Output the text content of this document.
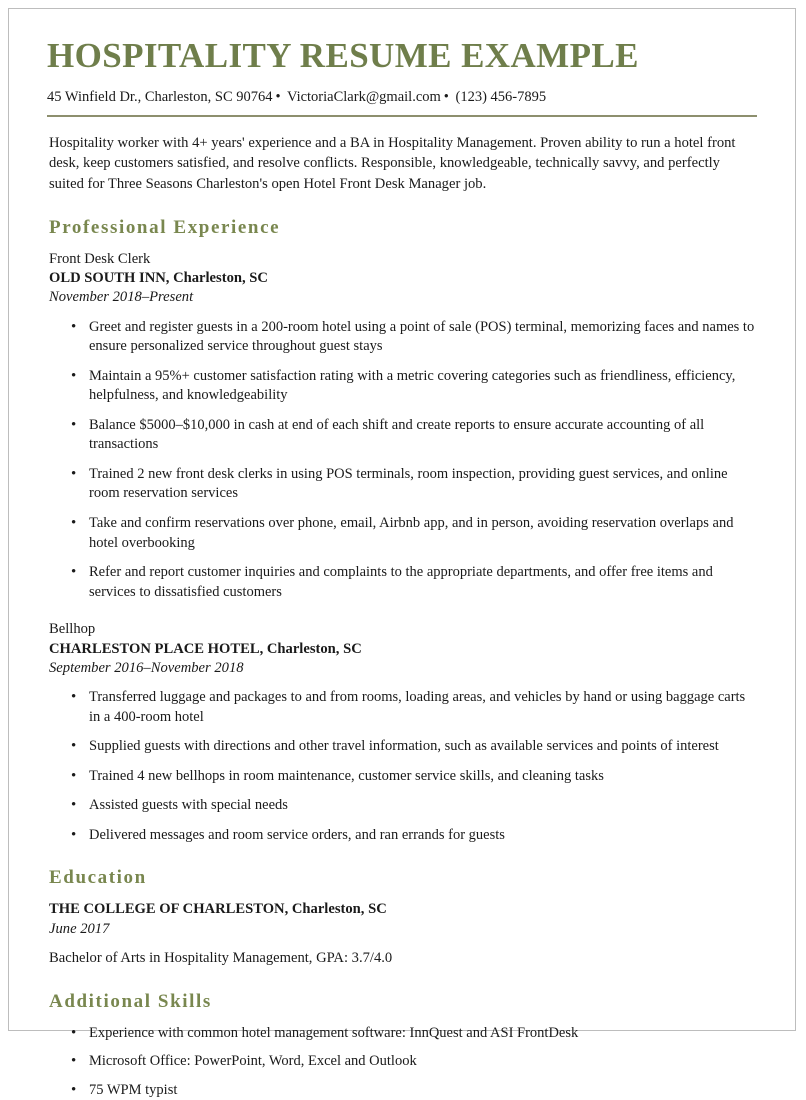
HOSPITALITY RESUME EXAMPLE
45 Winfield Dr., Charleston, SC 90764 • VictoriaClark@gmail.com • (123) 456-7895

Hospitality worker with 4+ years' experience and a BA in Hospitality Management. Proven ability to run a hotel front desk, keep customers satisfied, and resolve conflicts. Responsible, knowledgeable, technically savvy, and perfectly suited for Three Seasons Charleston's open Hotel Front Desk Manager job.

Professional Experience
Front Desk Clerk
OLD SOUTH INN, Charleston, SC
November 2018–Present
• Greet and register guests in a 200-room hotel using a point of sale (POS) terminal, memorizing faces and names to ensure personalized service throughout guest stays
• Maintain a 95%+ customer satisfaction rating with a metric covering categories such as friendliness, efficiency, helpfulness, and knowledgeability
• Balance $5000–$10,000 in cash at end of each shift and create reports to ensure accurate accounting of all transactions
• Trained 2 new front desk clerks in using POS terminals, room inspection, providing guest services, and online room reservation services
• Take and confirm reservations over phone, email, Airbnb app, and in person, avoiding reservation overlaps and hotel overbooking
• Refer and report customer inquiries and complaints to the appropriate departments, and offer free items and services to dissatisfied customers
Bellhop
CHARLESTON PLACE HOTEL, Charleston, SC
September 2016–November 2018
• Transferred luggage and packages to and from rooms, loading areas, and vehicles by hand or using baggage carts in a 400-room hotel
• Supplied guests with directions and other travel information, such as available services and points of interest
• Trained 4 new bellhops in room maintenance, customer service skills, and cleaning tasks
• Assisted guests with special needs
• Delivered messages and room service orders, and ran errands for guests
Education
THE COLLEGE OF CHARLESTON, Charleston, SC
June 2017
Bachelor of Arts in Hospitality Management, GPA: 3.7/4.0
Additional Skills
• Experience with common hotel management software: InnQuest and ASI FrontDesk
• Microsoft Office: PowerPoint, Word, Excel and Outlook
• 75 WPM typist
